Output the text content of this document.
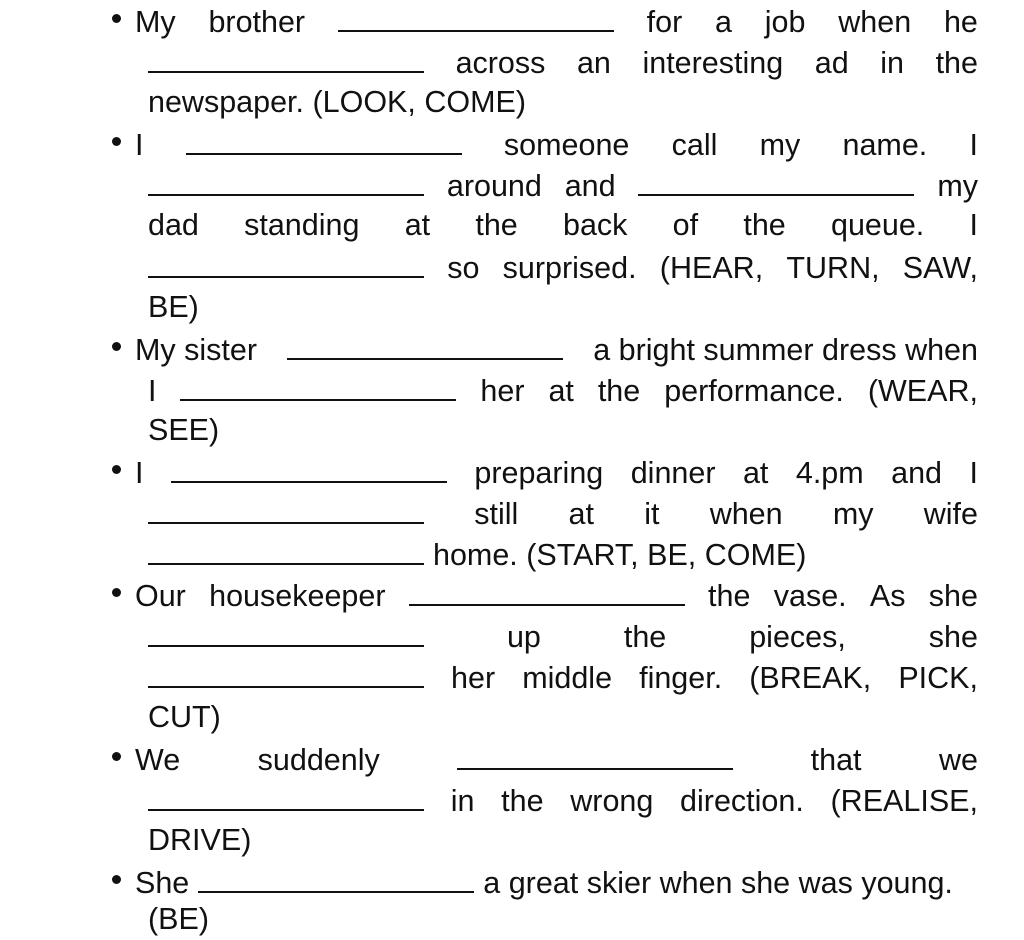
My brother	for a job when he
across an interesting ad in the
newspaper. (LOOK, COME)
I	someone call my name. I
around and	my
dad standing at the back of the queue. I
so surprised. (HEAR, TURN, SAW,
BE)
My sister	a bright summer dress when
I	her at the performance. (WEAR,
SEE)
I	preparing dinner at 4.pm and I
still at it when my wife
home. (START, BE, COME)
Our housekeeper	the vase. As she
up	the	pieces,	she
her middle finger. (BREAK, PICK,
CUT)
We	suddenly	that	we
in the wrong direction. (REALISE,
DRIVE)
She	a great skier when she was young.
(BE)
